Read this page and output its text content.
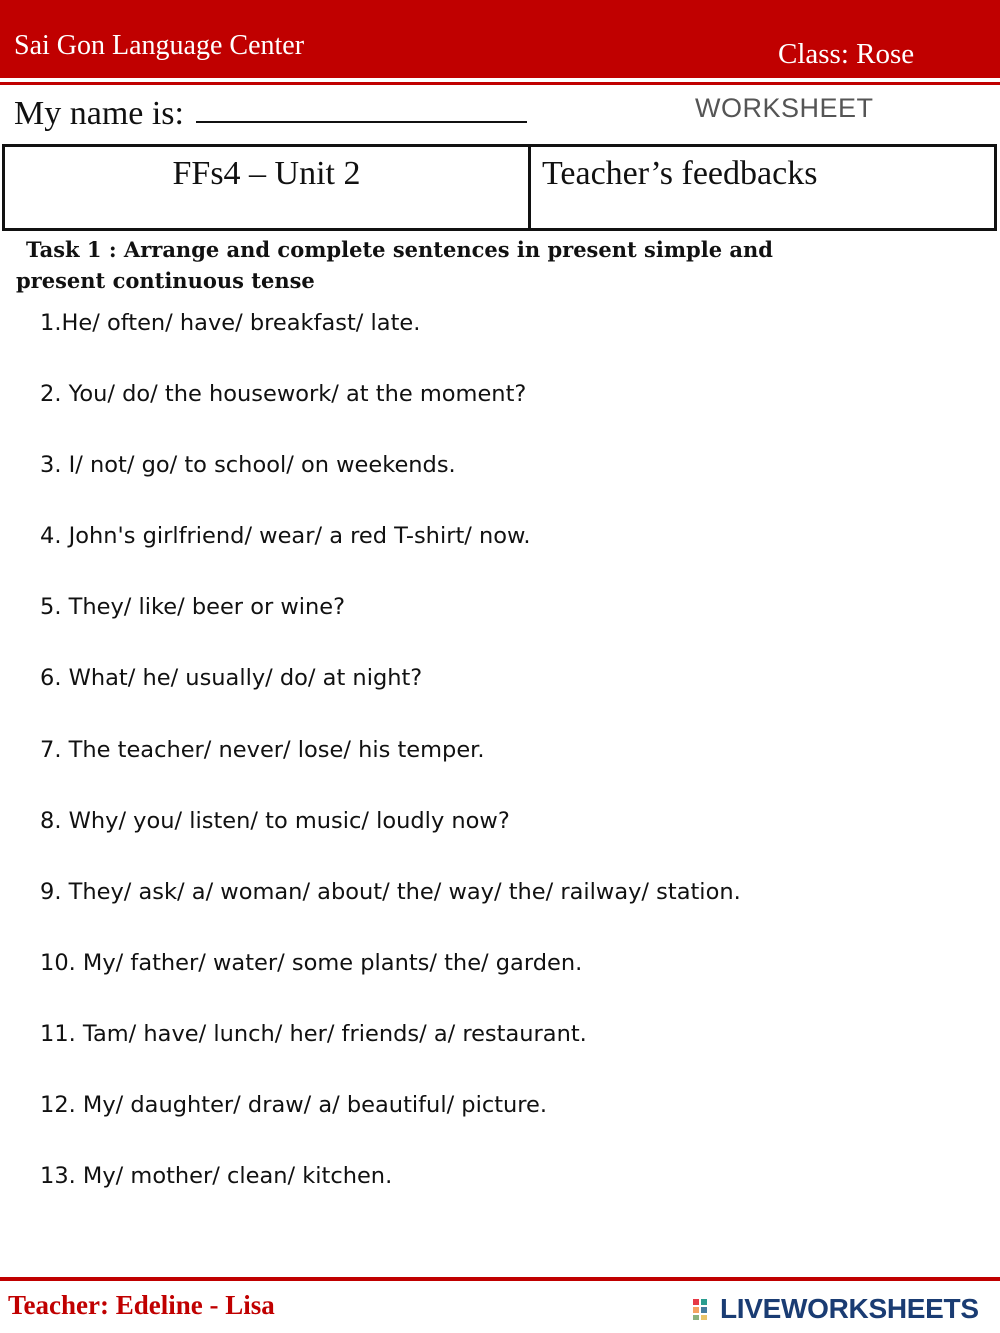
Sai Gon Language Center	Class: Rose
My name is:	WORKSHEET
FFs4 – Unit 2	Teacher’s feedbacks
Task 1 : Arrange and complete sentences in present simple and
present continuous tense
1.He/ often/ have/ breakfast/ late.
2. You/ do/ the housework/ at the moment?
3. I/ not/ go/ to school/ on weekends.
4. John's girlfriend/ wear/ a red T-shirt/ now.
5. They/ like/ beer or wine?
6. What/ he/ usually/ do/ at night?
7. The teacher/ never/ lose/ his temper.
8. Why/ you/ listen/ to music/ loudly now?
9. They/ ask/ a/ woman/ about/ the/ way/ the/ railway/ station.
10. My/ father/ water/ some plants/ the/ garden.
11. Tam/ have/ lunch/ her/ friends/ a/ restaurant.
12. My/ daughter/ draw/ a/ beautiful/ picture.
13. My/ mother/ clean/ kitchen.
Teacher: Edeline - Lisa	LIVEWORKSHEETS
